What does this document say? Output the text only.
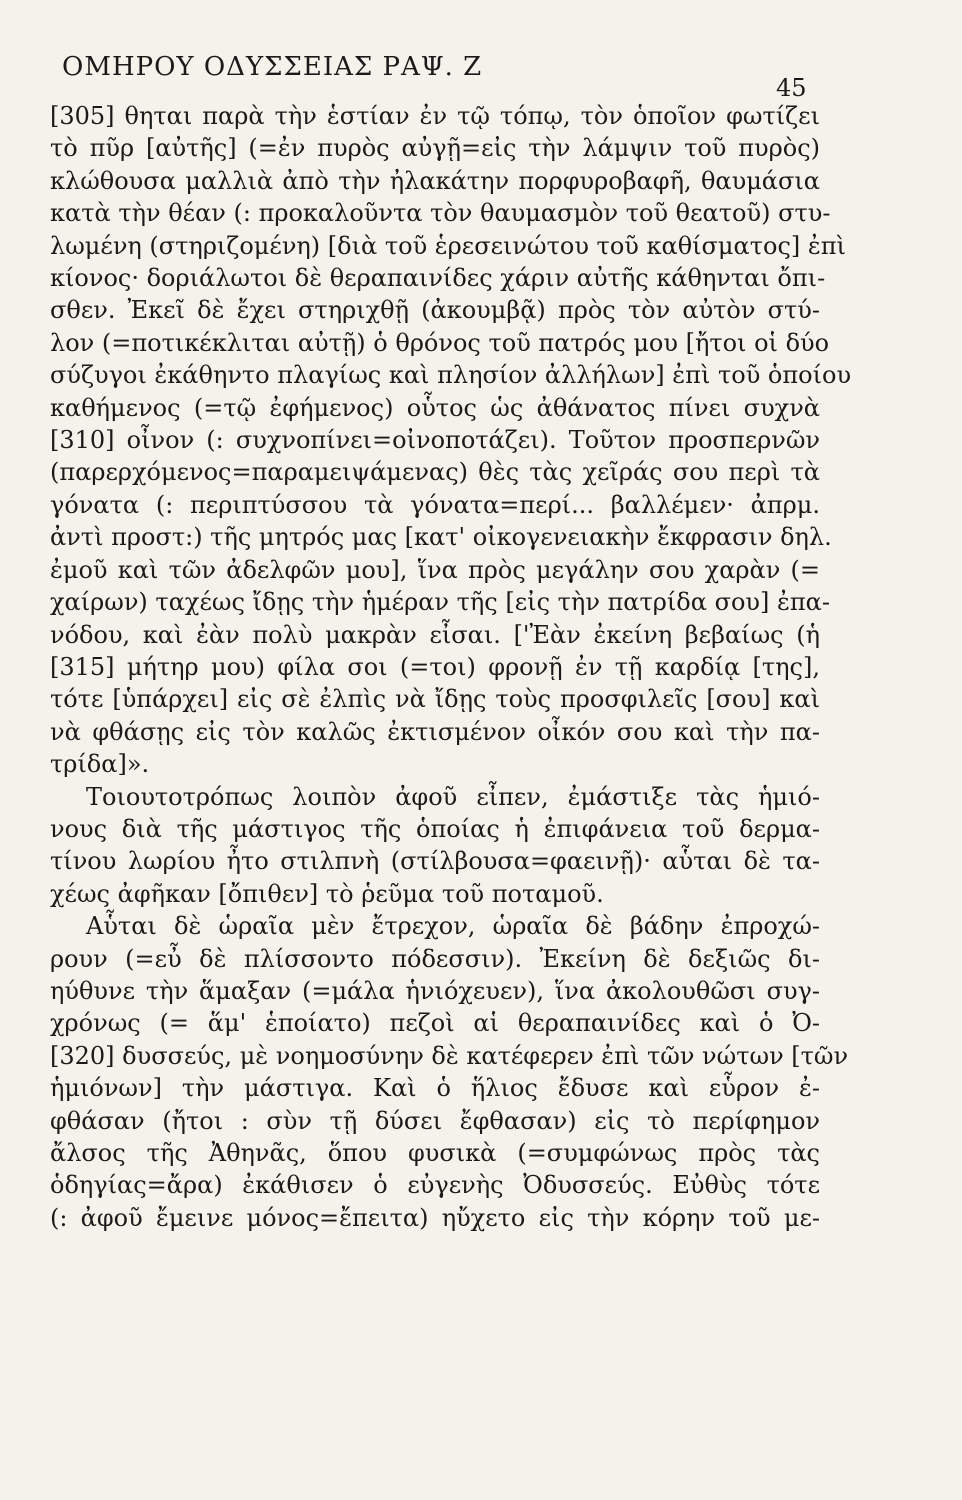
ΟΜΗΡΟΥ ΟΔΥΣΣΕΙΑΣ ΡΑΨ. Ζ
45
[305] θηται παρὰ τὴν ἑστίαν ἐν τῷ τόπῳ, τὸν ὁποῖον φωτίζει
τὸ πῦρ [αὐτῆς] (=ἐν πυρὸς αὐγῇ=εἰς τὴν λάμψιν τοῦ πυρὸς)
κλώθουσα μαλλιὰ ἀπὸ τὴν ἠλακάτην πορφυροβαφῆ, θαυμάσια
κατὰ τὴν θέαν (: προκαλοῦντα τὸν θαυμασμὸν τοῦ θεατοῦ) στυ-
λωμένη (στηριζομένη) [διὰ τοῦ ἑρεσεινώτου τοῦ καθίσματος] ἐπὶ
κίονος· δοριάλωτοι δὲ θεραπαινίδες χάριν αὐτῆς κάθηνται ὄπι-
σθεν. Ἐκεῖ δὲ ἔχει στηριχθῇ (ἀκουμβᾷ) πρὸς τὸν αὐτὸν στύ-
λον (=ποτικέκλιται αὐτῇ) ὁ θρόνος τοῦ πατρός μου [ἤτοι οἱ δύο
σύζυγοι ἐκάθηντο πλαγίως καὶ πλησίον ἀλλήλων] ἐπὶ τοῦ ὁποίου
καθήμενος (=τῷ ἐφήμενος) οὗτος ὡς ἀθάνατος πίνει συχνὰ
[310] οἶνον (: συχνοπίνει=οἰνοποτάζει). Τοῦτον προσπερνῶν
(παρερχόμενος=παραμειψάμενας) θὲς τὰς χεῖράς σου περὶ τὰ
γόνατα (: περιπτύσσου τὰ γόνατα=περί... βαλλέμεν· ἀπρμ.
ἀντὶ προστ:) τῆς μητρός μας [κατ' οἰκογενειακὴν ἔκφρασιν δηλ.
ἐμοῦ καὶ τῶν ἀδελφῶν μου], ἵνα πρὸς μεγάλην σου χαρὰν (=
χαίρων) ταχέως ἴδῃς τὴν ἡμέραν τῆς [εἰς τὴν πατρίδα σου] ἐπα-
νόδου, καὶ ἐὰν πολὺ μακρὰν εἶσαι. ['Ἐὰν ἐκείνη βεβαίως (ἡ
[315] μήτηρ μου) φίλα σοι (=τοι) φρονῇ ἐν τῇ καρδίᾳ [της],
τότε [ὑπάρχει] εἰς σὲ ἐλπὶς νὰ ἴδῃς τοὺς προσφιλεῖς [σου] καὶ
νὰ φθάσῃς εἰς τὸν καλῶς ἐκτισμένον οἶκόν σου καὶ τὴν πα-
τρίδα]».
Τοιουτοτρόπως λοιπὸν ἀφοῦ εἶπεν, ἐμάστιξε τὰς ἡμιό-
νους διὰ τῆς μάστιγος τῆς ὁποίας ἡ ἐπιφάνεια τοῦ δερμα-
τίνου λωρίου ἦτο στιλπνὴ (στίλβουσα=φαεινῇ)· αὗται δὲ τα-
χέως ἀφῆκαν [ὄπιθεν] τὸ ῥεῦμα τοῦ ποταμοῦ.
Αὗται δὲ ὡραῖα μὲν ἔτρεχον, ὡραῖα δὲ βάδην ἐπροχώ-
ρουν (=εὖ δὲ πλίσσοντο πόδεσσιν). Ἐκείνη δὲ δεξιῶς δι-
ηύθυνε τὴν ἅμαξαν (=μάλα ἡνιόχευεν), ἵνα ἀκολουθῶσι συγ-
χρόνως (= ἅμ' ἑποίατο) πεζοὶ αἱ θεραπαινίδες καὶ ὁ Ὀ-
[320] δυσσεύς, μὲ νοημοσύνην δὲ κατέφερεν ἐπὶ τῶν νώτων [τῶν
ἡμιόνων] τὴν μάστιγα. Καὶ ὁ ἥλιος ἔδυσε καὶ εὗρον ἐ-
φθάσαν (ἤτοι : σὺν τῇ δύσει ἔφθασαν) εἰς τὸ περίφημον
ἄλσος τῆς Ἀθηνᾶς, ὅπου φυσικὰ (=συμφώνως πρὸς τὰς
ὁδηγίας=ἄρα) ἐκάθισεν ὁ εὐγενὴς Ὀδυσσεύς. Εὐθὺς τότε
(: ἀφοῦ ἔμεινε μόνος=ἔπειτα) ηὔχετο εἰς τὴν κόρην τοῦ με-
